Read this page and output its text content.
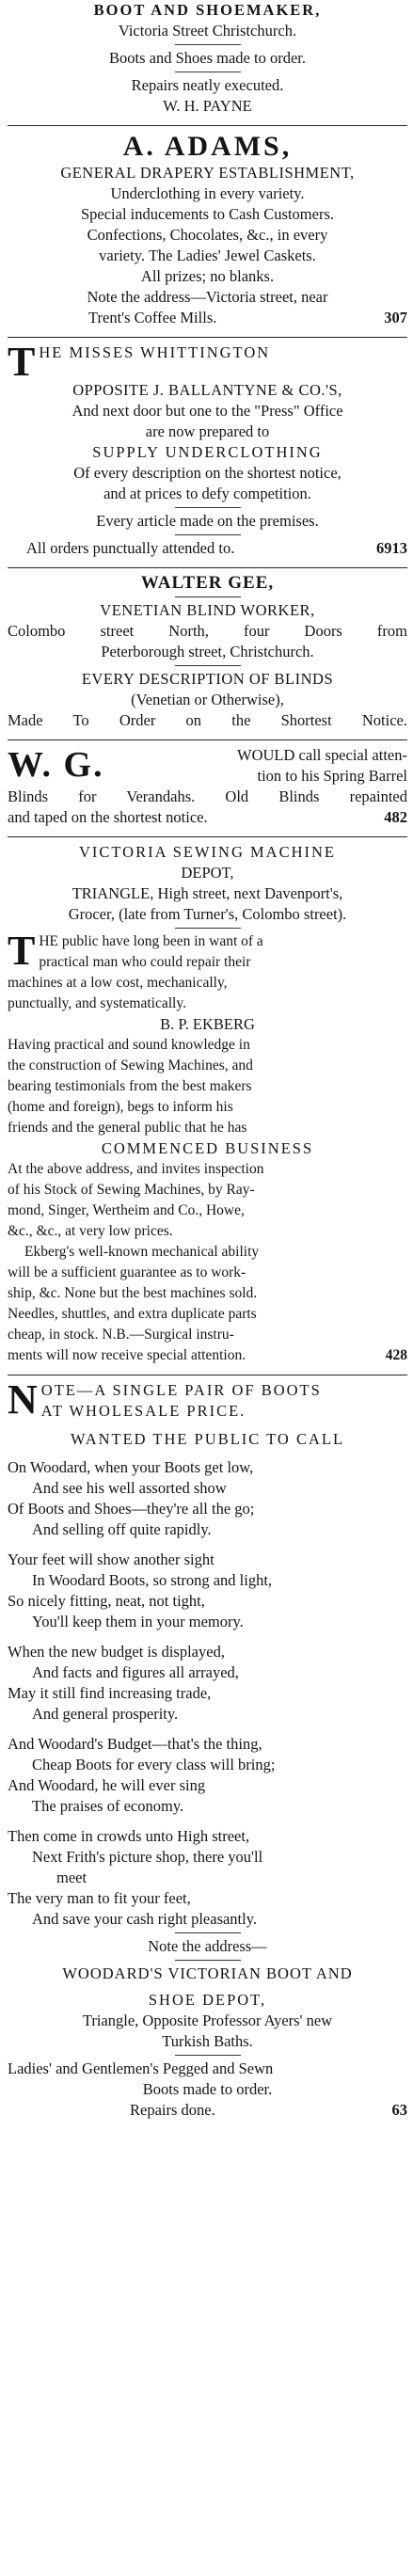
BOOT AND SHOEMAKER,
Victoria Street Christchurch.
Boots and Shoes made to order.
Repairs neatly executed.
W. H. PAYNE
A. ADAMS,
GENERAL DRAPERY ESTABLISHMENT,
Underclothing in every variety.
Special inducements to Cash Customers.
Confections, Chocolates, &c., in every
variety. The Ladies' Jewel Caskets.
All prizes; no blanks.
Note the address—Victoria street, near
Trent's Coffee Mills.	307
T HE MISSES WHITTINGTON
OPPOSITE J. BALLANTYNE & CO.'S,
And next door but one to the "Press" Office
are now prepared to
SUPPLY UNDERCLOTHING
Of every description on the shortest notice,
and at prices to defy competition.
Every article made on the premises.
All orders punctually attended to.	6913
WALTER GEE,
VENETIAN BLIND WORKER,
Colombo street North, four Doors from
Peterborough street, Christchurch.
EVERY DESCRIPTION OF BLINDS
(Venetian or Otherwise),
Made To Order on the Shortest Notice.
W. G.	WOULD call special atten-
tion to his Spring Barrel
Blinds for Verandahs. Old Blinds repainted
and taped on the shortest notice.	482
VICTORIA SEWING MACHINE
DEPOT,
TRIANGLE, High street, next Davenport's,
Grocer, (late from Turner's, Colombo street).
T HE public have long been in want of a
practical man who could repair their
machines at a low cost, mechanically,
punctually, and systematically.
B. P. EKBERG
Having practical and sound knowledge in
the construction of Sewing Machines, and
bearing testimonials from the best makers
(home and foreign), begs to inform his
friends and the general public that he has
COMMENCED BUSINESS
At the above address, and invites inspection
of his Stock of Sewing Machines, by Ray-
mond, Singer, Wertheim and Co., Howe,
&c., &c., at very low prices.
Ekberg's well-known mechanical ability
will be a sufficient guarantee as to work-
ship, &c. None but the best machines sold.
Needles, shuttles, and extra duplicate parts
cheap, in stock. N.B.—Surgical instru-
ments will now receive special attention.	428
N OTE—A SINGLE PAIR OF BOOTS
AT WHOLESALE PRICE.
WANTED THE PUBLIC TO CALL
On Woodard, when your Boots get low,
And see his well assorted show
Of Boots and Shoes—they're all the go;
And selling off quite rapidly.
Your feet will show another sight
In Woodard Boots, so strong and light,
So nicely fitting, neat, not tight,
You'll keep them in your memory.
When the new budget is displayed,
And facts and figures all arrayed,
May it still find increasing trade,
And general prosperity.
And Woodard's Budget—that's the thing,
Cheap Boots for every class will bring;
And Woodard, he will ever sing
The praises of economy.
Then come in crowds unto High street,
Next Frith's picture shop, there you'll
meet
The very man to fit your feet,
And save your cash right pleasantly.
Note the address—
WOODARD'S VICTORIAN BOOT AND
SHOE DEPOT,
Triangle, Opposite Professor Ayers' new
Turkish Baths.
Ladies' and Gentlemen's Pegged and Sewn
Boots made to order.
Repairs done.	63
